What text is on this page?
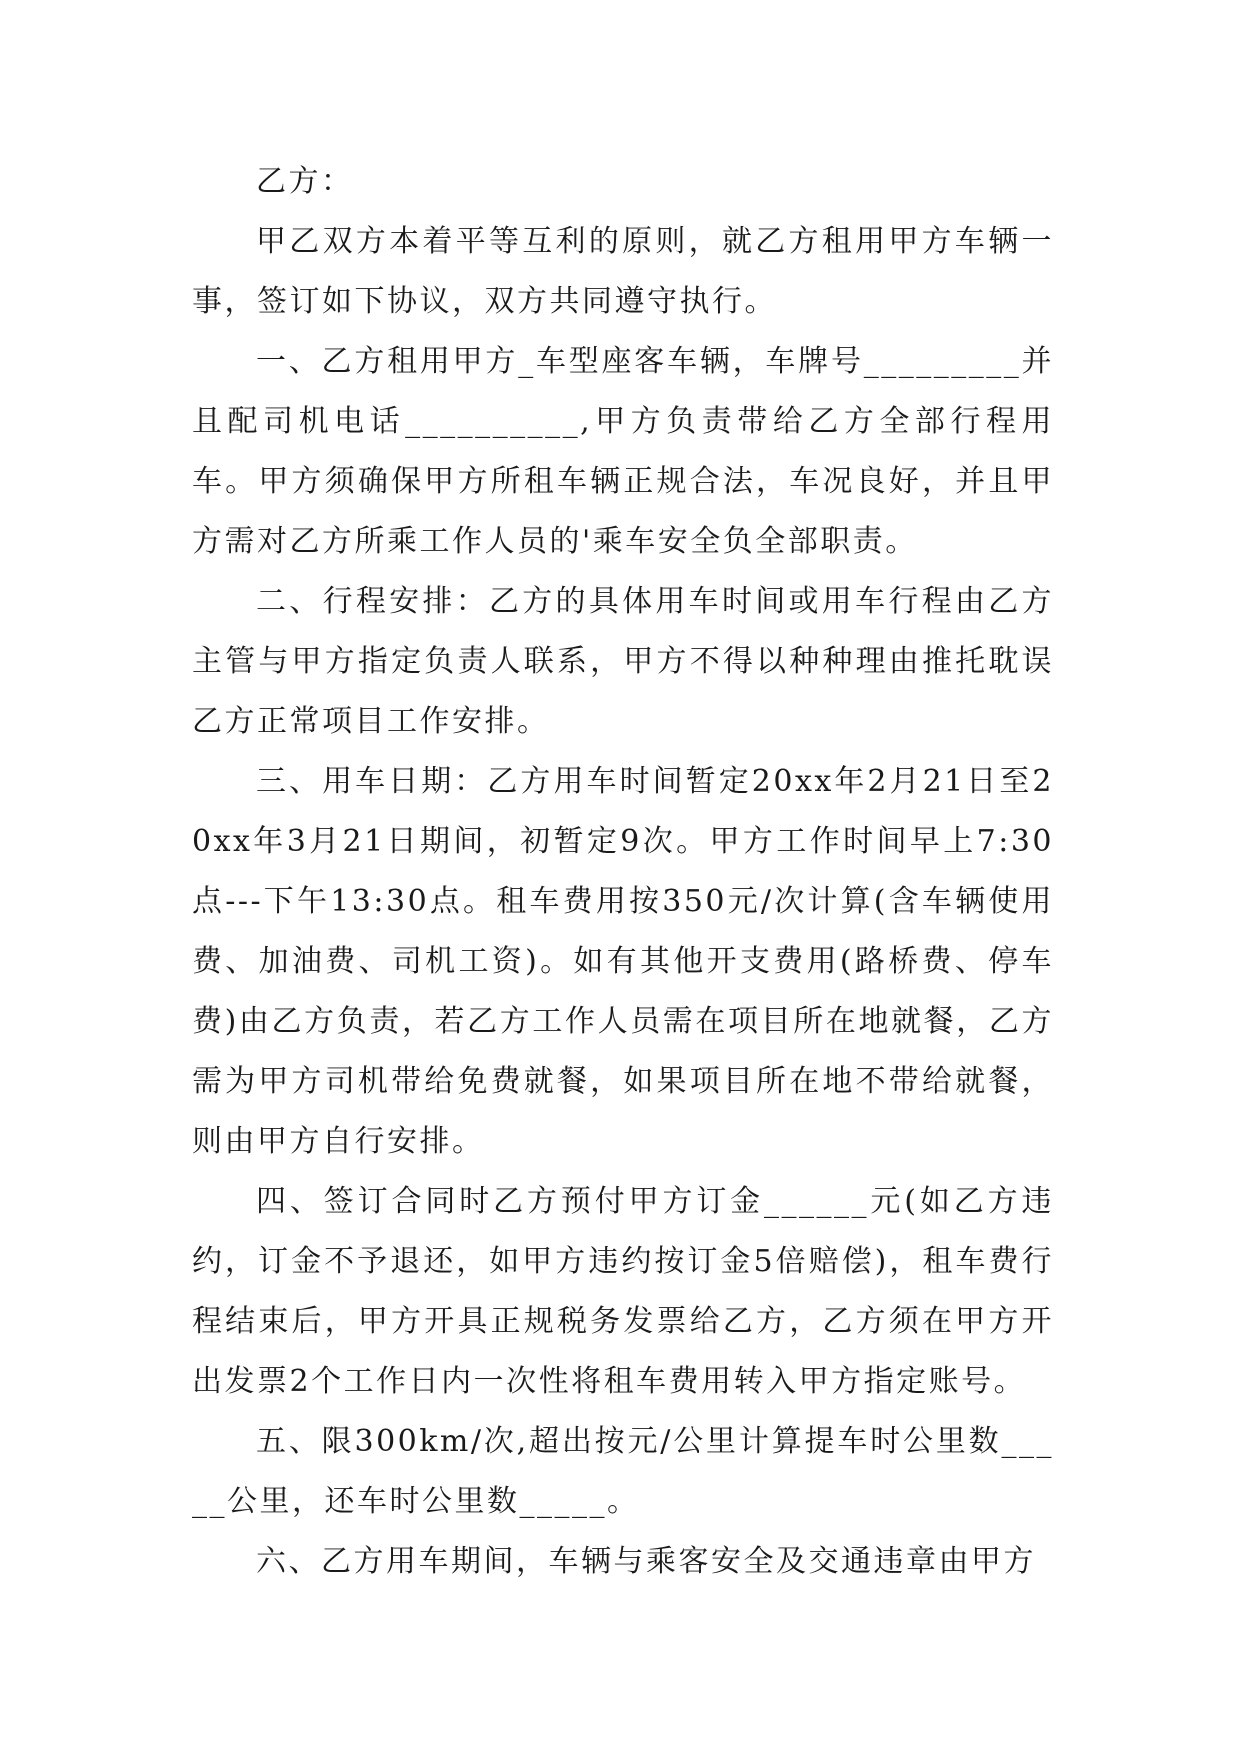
乙方：

甲乙双方本着平等互利的原则，就乙方租用甲方车辆一事，签订如下协议，双方共同遵守执行。

一、乙方租用甲方_车型座客车辆，车牌号_________并且配司机电话__________,甲方负责带给乙方全部行程用车。甲方须确保甲方所租车辆正规合法，车况良好，并且甲方需对乙方所乘工作人员的'乘车安全负全部职责。

二、行程安排：乙方的具体用车时间或用车行程由乙方主管与甲方指定负责人联系，甲方不得以种种理由推托耽误乙方正常项目工作安排。

三、用车日期：乙方用车时间暂定20xx年2月21日至20xx年3月21日期间，初暂定9次。甲方工作时间早上7:30点---下午13:30点。租车费用按350元/次计算(含车辆使用费、加油费、司机工资)。如有其他开支费用(路桥费、停车费)由乙方负责，若乙方工作人员需在项目所在地就餐，乙方需为甲方司机带给免费就餐，如果项目所在地不带给就餐，则由甲方自行安排。

四、签订合同时乙方预付甲方订金______元(如乙方违约，订金不予退还，如甲方违约按订金5倍赔偿)，租车费行程结束后，甲方开具正规税务发票给乙方，乙方须在甲方开出发票2个工作日内一次性将租车费用转入甲方指定账号。

五、限300km/次,超出按元/公里计算提车时公里数_____公里，还车时公里数_____。

六、乙方用车期间，车辆与乘客安全及交通违章由甲方
